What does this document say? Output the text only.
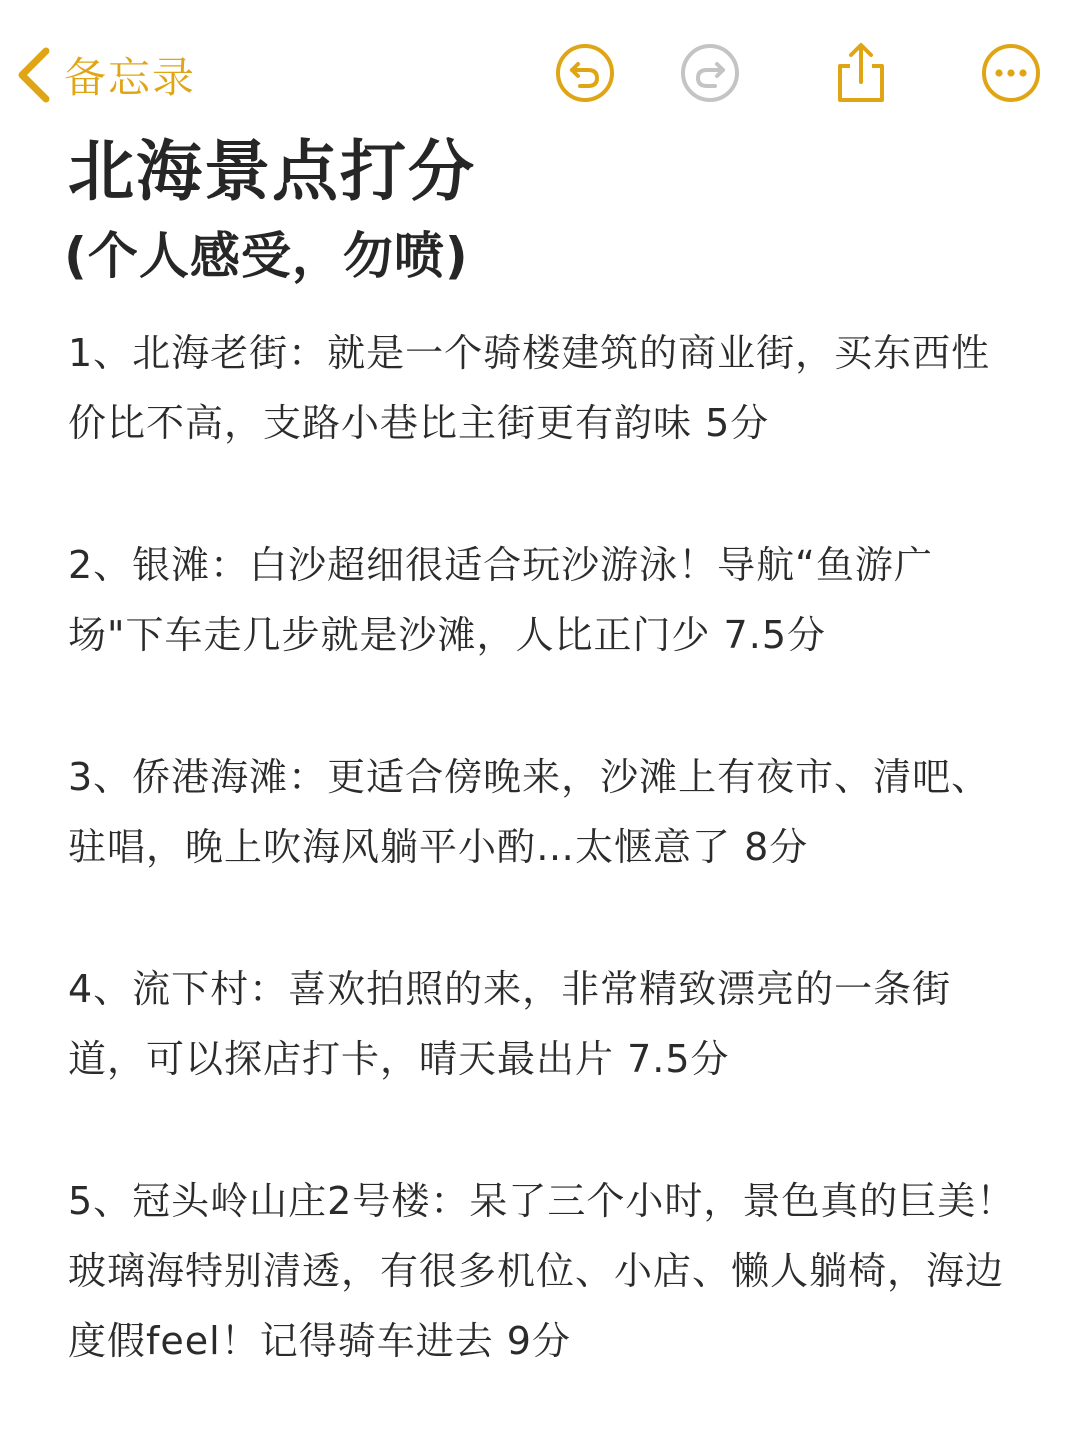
备忘录
北海景点打分
(个人感受，勿喷)

1、北海老街：就是一个骑楼建筑的商业街，买东西性价比不高，支路小巷比主街更有韵味 5分

2、银滩：白沙超细很适合玩沙游泳！导航“鱼游广场"下车走几步就是沙滩，人比正门少 7.5分

3、侨港海滩：更适合傍晚来，沙滩上有夜市、清吧、驻唱，晚上吹海风躺平小酌…太惬意了 8分

4、流下村：喜欢拍照的来，非常精致漂亮的一条街道，可以探店打卡，晴天最出片 7.5分

5、冠头岭山庄2号楼：呆了三个小时，景色真的巨美！玻璃海特别清透，有很多机位、小店、懒人躺椅，海边度假feel！记得骑车进去 9分
